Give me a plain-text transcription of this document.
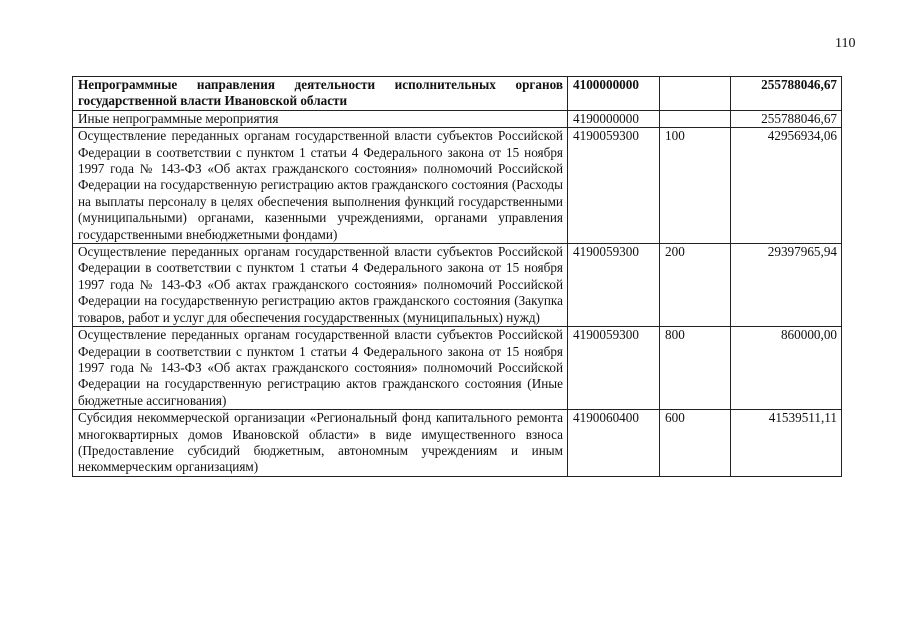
110
Непрограммные направления деятельности исполнительных органов государственной власти Ивановской области	4100000000		255788046,67
Иные непрограммные мероприятия	4190000000		255788046,67
Осуществление переданных органам государственной власти субъектов Российской Федерации в соответствии с пунктом 1 статьи 4 Федерального закона от 15 ноября 1997 года № 143-ФЗ «Об актах гражданского состояния» полномочий Российской Федерации на государственную регистрацию актов гражданского состояния (Расходы на выплаты персоналу в целях обеспечения выполнения функций государственными (муниципальными) органами, казенными учреждениями, органами управления государственными внебюджетными фондами)	4190059300	100	42956934,06
Осуществление переданных органам государственной власти субъектов Российской Федерации в соответствии с пунктом 1 статьи 4 Федерального закона от 15 ноября 1997 года № 143-ФЗ «Об актах гражданского состояния» полномочий Российской Федерации на государственную регистрацию актов гражданского состояния (Закупка товаров, работ и услуг для обеспечения государственных (муниципальных) нужд)	4190059300	200	29397965,94
Осуществление переданных органам государственной власти субъектов Российской Федерации в соответствии с пунктом 1 статьи 4 Федерального закона от 15 ноября 1997 года № 143-ФЗ «Об актах гражданского состояния» полномочий Российской Федерации на государственную регистрацию актов гражданского состояния (Иные бюджетные ассигнования)	4190059300	800	860000,00
Субсидия некоммерческой организации «Региональный фонд капитального ремонта многоквартирных домов Ивановской области» в виде имущественного взноса (Предоставление субсидий бюджетным, автономным учреждениям и иным некоммерческим организациям)	4190060400	600	41539511,11
